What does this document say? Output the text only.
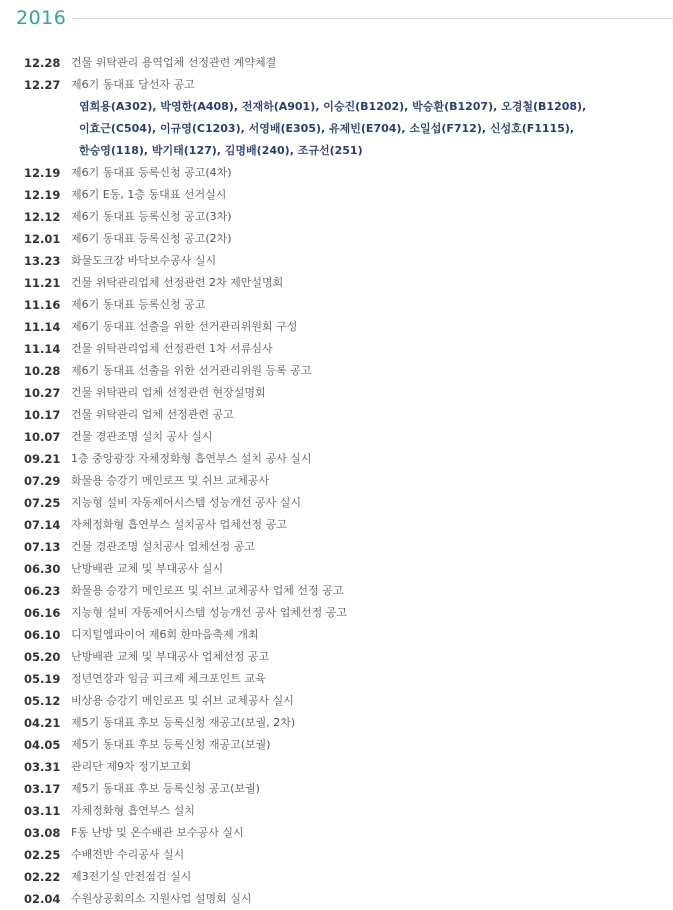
2016
12.28 건물 위탁관리 용역업체 선정관련 계약체결
12.27 제6기 동대표 당선자 공고
염희용(A302), 박영한(A408), 전재하(A901), 이승진(B1202), 박승환(B1207), 오경철(B1208),
이효근(C504), 이규영(C1203), 서영배(E305), 유제빈(E704), 소일섭(F712), 신성호(F1115),
한승영(118), 박기태(127), 김명배(240), 조규선(251)
12.19 제6기 동대표 등록신청 공고(4차)
12.19 제6기 E동, 1층 동대표 선거실시
12.12 제6기 동대표 등록신청 공고(3차)
12.01 제6기 동대표 등록신청 공고(2차)
13.23 화물도크장 바닥보수공사 실시
11.21 건물 위탁관리업체 선정관련 2차 제안설명회
11.16 제6기 동대표 등록신청 공고
11.14 제6기 동대표 선출을 위한 선거관리위원회 구성
11.14 건물 위탁관리업체 선정관련 1차 서류심사
10.28 제6기 동대표 선출을 위한 선거관리위원 등록 공고
10.27 건물 위탁관리 업체 선정관련 현장설명회
10.17 건물 위탁관리 업체 선정관련 공고
10.07 건물 경관조명 설치 공사 실시
09.21 1층 중앙광장 자체정화형 흡연부스 설치 공사 실시
07.29 화물용 승강기 메인로프 및 쉬브 교체공사
07.25 지능형 설비 자동제어시스템 성능개선 공사 실시
07.14 자체정화형 흡연부스 설치공사 업체선정 공고
07.13 건물 경관조명 설치공사 업체선정 공고
06.30 난방배관 교체 및 부대공사 실시
06.23 화물용 승강기 메인로프 및 쉬브 교체공사 업체 선정 공고
06.16 지능형 설비 자동제어시스템 성능개선 공사 업체선정 공고
06.10 디지털엠파이어 제6회 한마음축제 개최
05.20 난방배관 교체 및 부대공사 업체선정 공고
05.19 정년연장과 임금 피크제 체크포인트 교육
05.12 비상용 승강기 메인로프 및 쉬브 교체공사 실시
04.21 제5기 동대표 후보 등록신청 재공고(보궐, 2차)
04.05 제5기 동대표 후보 등록신청 재공고(보궐)
03.31 관리단 제9차 정기보고회
03.17 제5기 동대표 후보 등록신청 공고(보궐)
03.11 자체정화형 흡연부스 설치
03.08 F동 난방 및 온수배관 보수공사 실시
02.25 수배전반 수리공사 실시
02.22 제3전기실 안전점검 실시
02.04 수원상공회의소 지원사업 설명회 실시
